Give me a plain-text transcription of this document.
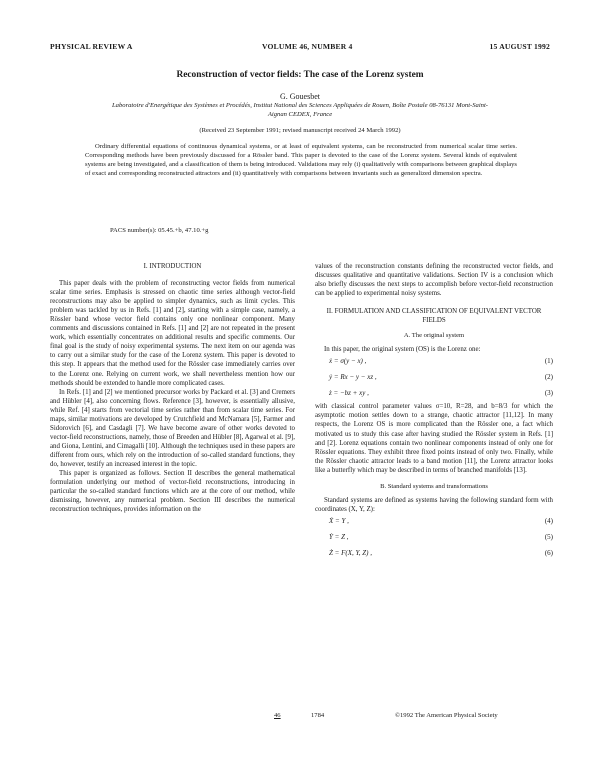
PHYSICAL REVIEW A	VOLUME 46, NUMBER 4	15 AUGUST 1992
Reconstruction of vector fields: The case of the Lorenz system
G. Gouesbet
Laboratoire d'Energétique des Systèmes et Procédés, Institut National des Sciences Appliquées de Rouen, Boîte Postale 08-76131 Mont-Saint-Aignan CEDEX, France
(Received 23 September 1991; revised manuscript received 24 March 1992)

Ordinary differential equations of continuous dynamical systems, or at least of equivalent systems, can be reconstructed from numerical scalar time series. Corresponding methods have been previously discussed for a Rössler band. This paper is devoted to the case of the Lorenz system. Several kinds of equivalent systems are being investigated, and a classification of them is being introduced. Validations may rely (i) qualitatively with comparisons between graphical displays of exact and corresponding reconstructed attractors and (ii) quantitatively with comparisons between invariants such as generalized dimension spectra.

PACS number(s): 05.45.+b, 47.10.+g

I. INTRODUCTION

This paper deals with the problem of reconstructing vector fields from numerical scalar time series. Emphasis is stressed on chaotic time series although vector-field reconstructions may also be applied to simpler dynamics, such as limit cycles. This problem was tackled by us in Refs. [1] and [2], starting with a simple case, namely, a Rössler band whose vector field contains only one nonlinear component. Many comments and discussions contained in Refs. [1] and [2] are not repeated in the present work, which essentially concentrates on additional results and specific comments. Our final goal is the study of noisy experimental systems. The next item on our agenda was to carry out a similar study for the case of the Lorenz system. This paper is devoted to this step. It appears that the method used for the Rössler case immediately carries over to the Lorenz one. Relying on current work, we shall nevertheless mention how our methods should be extended to handle more complicated cases.

In Refs. [1] and [2] we mentioned precursor works by Packard et al. [3] and Cremers and Hübler [4], also concerning flows. Reference [3], however, is essentially allusive, while Ref. [4] starts from vectorial time series rather than from scalar time series. For maps, similar motivations are developed by Crutchfield and McNamara [5], Farmer and Sidorovich [6], and Casdagli [7]. We have become aware of other works devoted to vector-field reconstructions, namely, those of Breeden and Hübler [8], Agarwal et al. [9], and Giona, Lentini, and Cimagalli [10]. Although the techniques used in these papers are different from ours, which rely on the introduction of so-called standard functions, they do, however, testify an increased interest in the topic.

This paper is organized as follows. Section II describes the general mathematical formulation underlying our method of vector-field reconstructions, introducing in particular the so-called standard functions which are at the core of our method, while dismissing, however, any numerical problem. Section III describes the numerical reconstruction techniques, provides information on the

values of the reconstruction constants defining the reconstructed vector fields, and discusses qualitative and quantitative validations. Section IV is a conclusion which also briefly discusses the next steps to accomplish before vector-field reconstruction can be applied to experimental noisy systems.

II. FORMULATION AND CLASSIFICATION OF EQUIVALENT VECTOR FIELDS

A. The original system

In this paper, the original system (OS) is the Lorenz one:

ẋ = σ(y − x) ,	(1)
ẏ = Rx − y − xz ,	(2)
ż = −bz + xy ,	(3)

with classical control parameter values σ=10, R=28, and b=8/3 for which the asymptotic motion settles down to a strange, chaotic attractor [11,12]. In many respects, the Lorenz OS is more complicated than the Rössler one, a fact which motivated us to study this case after having studied the Rössler system in Refs. [1] and [2]. Lorenz equations contain two nonlinear components instead of only one for Rössler equations. They exhibit three fixed points instead of only two. Finally, while the Rössler chaotic attractor leads to a band motion [11], the Lorenz attractor looks like a butterfly which may be described in terms of branched manifolds [13].

B. Standard systems and transformations

Standard systems are defined as systems having the following standard form with coordinates (X, Y, Z):

Ẋ = Y ,	(4)
Ẏ = Z ,	(5)
Ż = F(X, Y, Z) ,	(6)
46	1784	©1992 The American Physical Society
